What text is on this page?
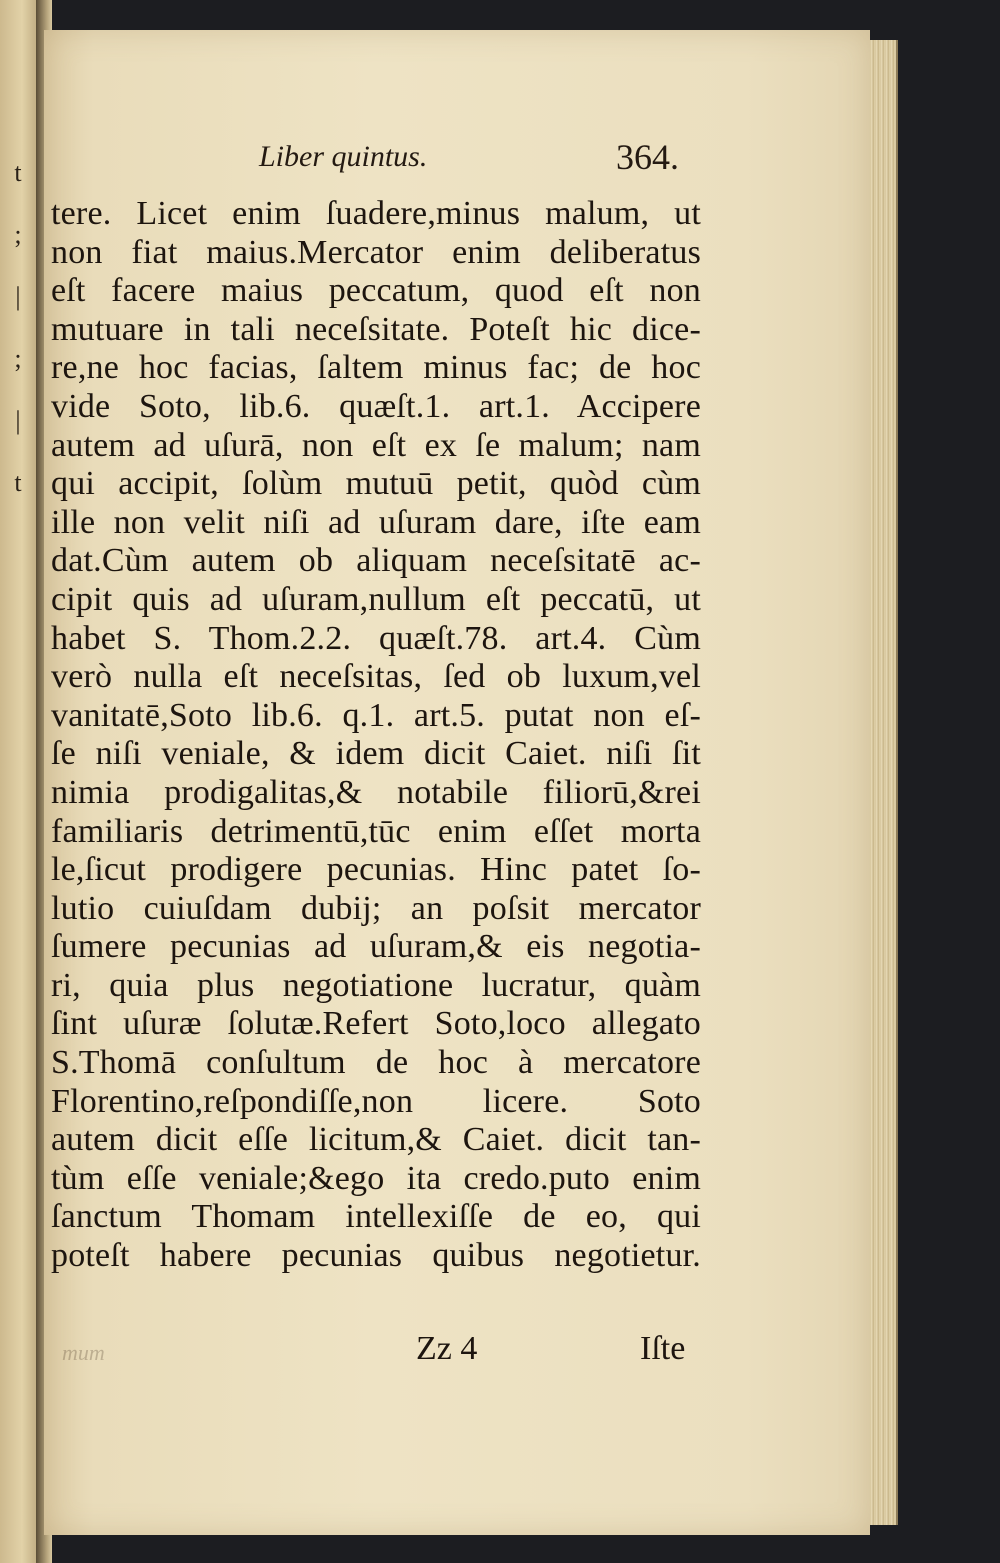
t
;
|
;
|
t
Liber quintus.	364.
tere. Licet enim ſuadere,minus malum, ut
non fiat maius.Mercator enim deliberatus
eſt facere maius peccatum, quod eſt non
mutuare in tali neceſsitate. Poteſt hic dice-
re,ne hoc facias, ſaltem minus fac; de hoc
vide Soto, lib.6. quæſt.1. art.1. Accipere
autem ad uſurā, non eſt ex ſe malum; nam
qui accipit, ſolùm mutuū petit, quòd cùm
ille non velit niſi ad uſuram dare, iſte eam
dat.Cùm autem ob aliquam neceſsitatē ac-
cipit quis ad uſuram,nullum eſt peccatū, ut
habet S. Thom.2.2. quæſt.78. art.4. Cùm
verò nulla eſt neceſsitas, ſed ob luxum,vel
vanitatē,Soto lib.6. q.1. art.5. putat non eſ-
ſe niſi veniale, & idem dicit Caiet. niſi ſit
nimia prodigalitas,& notabile filiorū,&rei
familiaris detrimentū,tūc enim eſſet morta
le,ſicut prodigere pecunias. Hinc patet ſo-
lutio cuiuſdam dubij; an poſsit mercator
ſumere pecunias ad uſuram,& eis negotia-
ri, quia plus negotiatione lucratur, quàm
ſint uſuræ ſolutæ.Refert Soto,loco allegato
S.Thomā conſultum de hoc à mercatore
Florentino,reſpondiſſe,non licere. Soto
autem dicit eſſe licitum,& Caiet. dicit tan-
tùm eſſe veniale;&ego ita credo.puto enim
ſanctum Thomam intellexiſſe de eo, qui
poteſt habere pecunias quibus negotietur.
mum	Zz 4	Iſte
